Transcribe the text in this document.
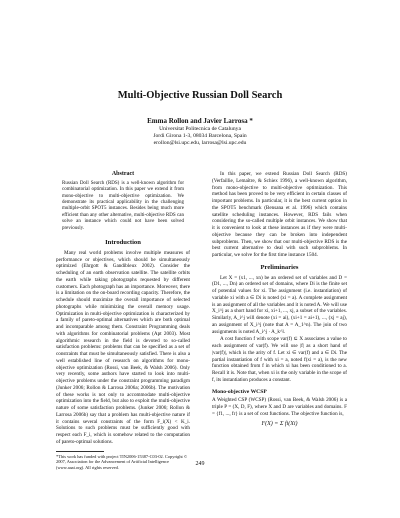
Multi-Objective Russian Doll Search
Emma Rollon and Javier Larrosa *
Universitat Politecnica de Catalunya
Jordi Girona 1-3, 08034 Barcelona, Spain
erollon@lsi.upc.edu, larrosa@lsi.upc.edu
Abstract

Russian Doll Search (RDS) is a well-known algorithm for combinatorial optimization. In this paper we extend it from mono-objective to multi-objective optimization. We demonstrate its practical applicability in the challenging multiple-orbit SPOT5 instances. Besides being much more efficient than any other alternative, multi-objective RDS can solve an instance which could not have been solved previously.

Introduction

Many real world problems involve multiple measures of performance or objectives, which should be simultaneously optimized (Ehrgott & Gandibleux 2002). Consider the scheduling of an earth observation satellite. The satellite orbits the earth while taking photographs requested by different customers. Each photograph has an importance. Moreover, there is a limitation on the on-board recording capacity. Therefore, the schedule should maximize the overall importance of selected photographs while minimizing the overall memory usage. Optimization in multi-objective optimization is characterized by a family of pareto-optimal alternatives which are both optimal and incomparable among them. Constraint Programming deals with algorithms for combinatorial problems (Apt 2003). Most algorithmic research in the field is devoted to so-called satisfaction problems: problems that can be specified as a set of constraints that must be simultaneously satisfied. There is also a well established line of research on algorithms for mono-objective optimization (Rossi, van Beek, & Walsh 2006). Only very recently, some authors have started to look into multi-objective problems under the constraint programming paradigm (Junker 2006; Rollon & Larrosa 2006a; 2006b). The motivation of these works is not only to accommodate multi-objective optimization into the field, but also to exploit the multi-objective nature of some satisfaction problems. (Junker 2006; Rollon & Larrosa 2006b) say that a problem has multi-objective nature if it contains several constraints of the form F_i(X) < K_i. Solutions to such problems must be sufficiently good with respect each F_i, which is somehow related to the computation of pareto-optimal solutions.

*This work has funded with project TIN2006-15387-C03-02. Copyright © 2007, Association for the Advancement of Artificial Intelligence (www.aaai.org). All rights reserved.

In this paper, we extend Russian Doll Search (RDS) (Verfaillie, Lemaître, & Schiex 1996), a well-known algorithm, from mono-objective to multi-objective optimization. This method has been proved to be very efficient in certain classes of important problems. In particular, it is the best current option in the SPOT5 benchmark (Bensana et al. 1996) which contains satellite scheduling instances. However, RDS fails when considering the so-called multiple orbit instances. We show that it is convenient to look at these instances as if they were multi-objective because they can be broken into independent subproblems. Then, we show that our multi-objective RDS is the best current alternative to deal with such subproblems. In particular, we solve for the first time instance 1504.

Preliminaries

Let X = (x1, ..., xn) be an ordered set of variables and D = (D1, ..., Dn) an ordered set of domains, where Di is the finite set of potential values for xi. The assignment (i.e. instantiation) of variable xi with a ∈ Di is noted (xi = a). A complete assignment is an assignment of all the variables and it is noted A. We will use X_i^j as a short hand for xi, xi+1, ..., xj, a subset of the variables. Similarly, A_i^j will denote (xi = ai), (xi+1 = ai+1), ..., (xj = aj), an assignment of X_i^j (note that A = A_1^n). The join of two assignments is noted A_i^j · A_k^l.

A cost function f with scope var(f) ⊆ X associates a value to each assignment of var(f). We will use |f| as a short hand of |var(f)|, which is the arity of f. Let xi ∈ var(f) and a ∈ Di. The partial instantiation of f with xi = a, noted f(xi = a), is the new function obtained from f in which xi has been conditioned to a. Recall it is. Note that, when xi is the only variable in the scope of f, its instantiation produces a constant.

Mono-objective WCSP

A Weighted CSP (WCSP) (Rossi, van Beek, & Walsh 2006) is a triple P = (X, D, F), where X and D are variables and domains. F = {f1, ..., fr} is a set of cost functions. The objective function is,

F(X) = Σ fi(Xi)
249
